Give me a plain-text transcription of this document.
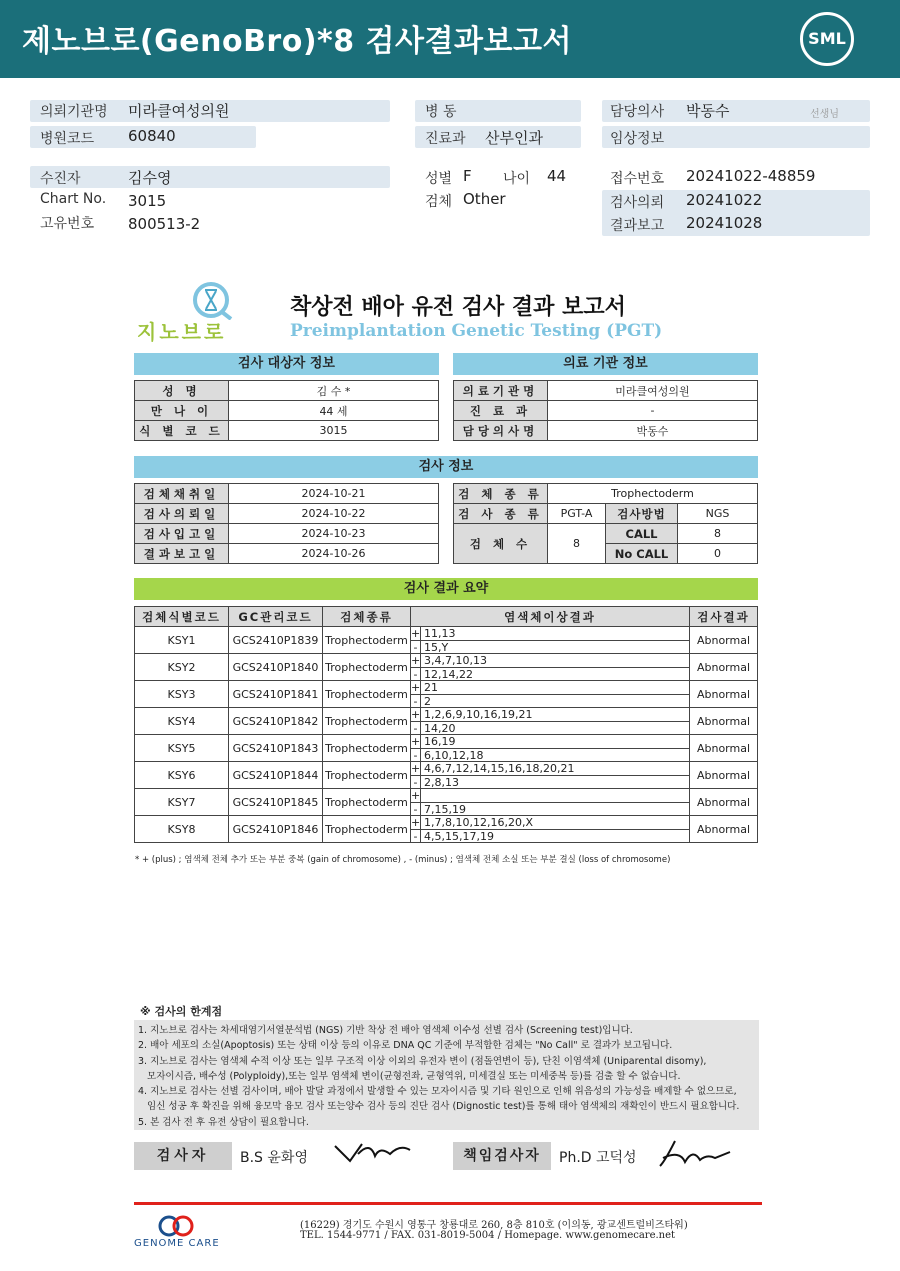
제노브로(GenoBro)*8 검사결과보고서	SML
의뢰기관명 미라클여성의원
병원코드 60840
병 동
진료과 산부인과
담당의사 박동수	선생님
임상정보
수진자	김수영
Chart No. 3015
고유번호 800513-2
성별 F 나이 44
검체 Other
접수번호 20241022-48859
검사의뢰 20241022
결과보고 20241028
지노브로
착상전 배아 유전 검사 결과 보고서
Preimplantation Genetic Testing (PGT)
검사 대상자 정보
성 명	김 수 *
만 나 이	44 세
식 별 코 드	3015
의료 기관 정보
의료기관명	미라클여성의원
진 료 과	-
담당의사명	박동수
검사 정보
검체채취일	2024-10-21
검사의뢰일	2024-10-22
검사입고일	2024-10-23
결과보고일	2024-10-26
검 체 종 류	Trophectoderm		
검 사 종 류	PGT-A	검사방법	NGS
검 체 수	8	CALL	8
		No CALL	0
검사 결과 요약
검체식별코드	GC관리코드	검체종류	염색체이상결과	검사결과
KSY1	GCS2410P1839	Trophectoderm	+ 11,13
- 15,Y	Abnormal
KSY2	GCS2410P1840	Trophectoderm	+ 3,4,7,10,13
- 12,14,22	Abnormal
KSY3	GCS2410P1841	Trophectoderm	+ 21
- 2	Abnormal
KSY4	GCS2410P1842	Trophectoderm	+ 1,2,6,9,10,16,19,21
- 14,20	Abnormal
KSY5	GCS2410P1843	Trophectoderm	+ 16,19
- 6,10,12,18	Abnormal
KSY6	GCS2410P1844	Trophectoderm	+ 4,6,7,12,14,15,16,18,20,21
- 2,8,13	Abnormal
KSY7	GCS2410P1845	Trophectoderm	+
- 7,15,19	Abnormal
KSY8	GCS2410P1846	Trophectoderm	+ 1,7,8,10,12,16,20,X
- 4,5,15,17,19	Abnormal
* + (plus) ; 염색체 전체 추가 또는 부분 중복 (gain of chromosome) , - (minus) ; 염색체 전체 소실 또는 부분 결실 (loss of chromosome)
※ 검사의 한계점
1. 지노브로 검사는 차세대염기서열분석법 (NGS) 기반 착상 전 배아 염색체 이수성 선별 검사 (Screening test)입니다.
2. 배아 세포의 소실(Apoptosis) 또는 상태 이상 등의 이유로 DNA QC 기준에 부적합한 검체는 "No Call" 로 결과가 보고됩니다.
3. 지노브로 검사는 염색체 수적 이상 또는 일부 구조적 이상 이외의 유전자 변이 (점돌연변이 등), 단친 이염색체 (Uniparental disomy),
모자이시즘, 배수성 (Polyploidy),또는 일부 염색체 변이(균형전좌, 균형역위, 미세결실 또는 미세중복 등)를 검출 할 수 없습니다.
4. 지노브로 검사는 선별 검사이며, 배아 발달 과정에서 발생할 수 있는 모자이시즘 및 기타 원인으로 인해 위음성의 가능성을 배제할 수 없으므로,
임신 성공 후 확진을 위해 융모막 융모 검사 또는양수 검사 등의 진단 검사 (Dignostic test)를 통해 태아 염색체의 재확인이 반드시 필요합니다.
5. 본 검사 전 후 유전 상담이 필요합니다.
검사자	B.S 윤화영	책임검사자	Ph.D 고덕성
GENOME CARE
(16229) 경기도 수원시 영통구 창룡대로 260, 8층 810호 (이의동, 광교센트럴비즈타워)
TEL. 1544-9771 / FAX. 031-8019-5004 / Homepage. www.genomecare.net
